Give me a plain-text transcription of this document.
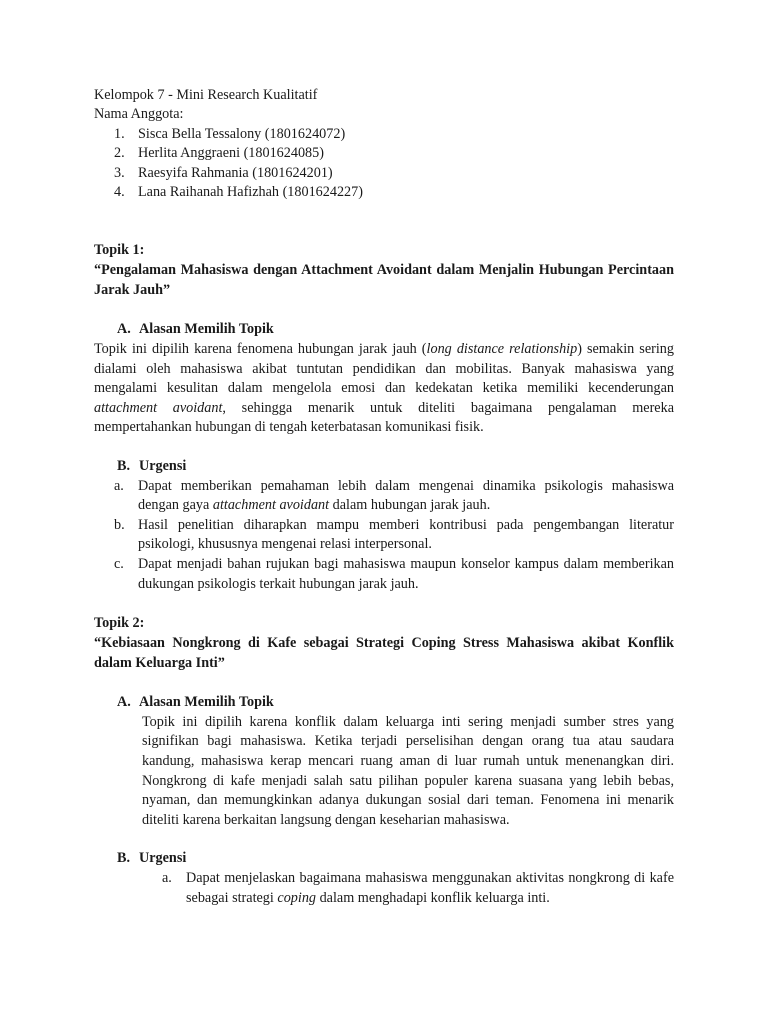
Kelompok 7 - Mini Research Kualitatif
Nama Anggota:
1. Sisca Bella Tessalony (1801624072)
2. Herlita Anggraeni (1801624085)
3. Raesyifa Rahmania (1801624201)
4. Lana Raihanah Hafizhah (1801624227)
Topik 1:
“Pengalaman Mahasiswa dengan Attachment Avoidant dalam Menjalin Hubungan Percintaan Jarak Jauh”
A. Alasan Memilih Topik
Topik ini dipilih karena fenomena hubungan jarak jauh (long distance relationship) semakin sering dialami oleh mahasiswa akibat tuntutan pendidikan dan mobilitas. Banyak mahasiswa yang mengalami kesulitan dalam mengelola emosi dan kedekatan ketika memiliki kecenderungan attachment avoidant, sehingga menarik untuk diteliti bagaimana pengalaman mereka mempertahankan hubungan di tengah keterbatasan komunikasi fisik.
B. Urgensi
a. Dapat memberikan pemahaman lebih dalam mengenai dinamika psikologis mahasiswa dengan gaya attachment avoidant dalam hubungan jarak jauh.
b. Hasil penelitian diharapkan mampu memberi kontribusi pada pengembangan literatur psikologi, khususnya mengenai relasi interpersonal.
c. Dapat menjadi bahan rujukan bagi mahasiswa maupun konselor kampus dalam memberikan dukungan psikologis terkait hubungan jarak jauh.
Topik 2:
“Kebiasaan Nongkrong di Kafe sebagai Strategi Coping Stress Mahasiswa akibat Konflik dalam Keluarga Inti”
A. Alasan Memilih Topik
Topik ini dipilih karena konflik dalam keluarga inti sering menjadi sumber stres yang signifikan bagi mahasiswa. Ketika terjadi perselisihan dengan orang tua atau saudara kandung, mahasiswa kerap mencari ruang aman di luar rumah untuk menenangkan diri. Nongkrong di kafe menjadi salah satu pilihan populer karena suasana yang lebih bebas, nyaman, dan memungkinkan adanya dukungan sosial dari teman. Fenomena ini menarik diteliti karena berkaitan langsung dengan keseharian mahasiswa.
B. Urgensi
a. Dapat menjelaskan bagaimana mahasiswa menggunakan aktivitas nongkrong di kafe sebagai strategi coping dalam menghadapi konflik keluarga inti.
